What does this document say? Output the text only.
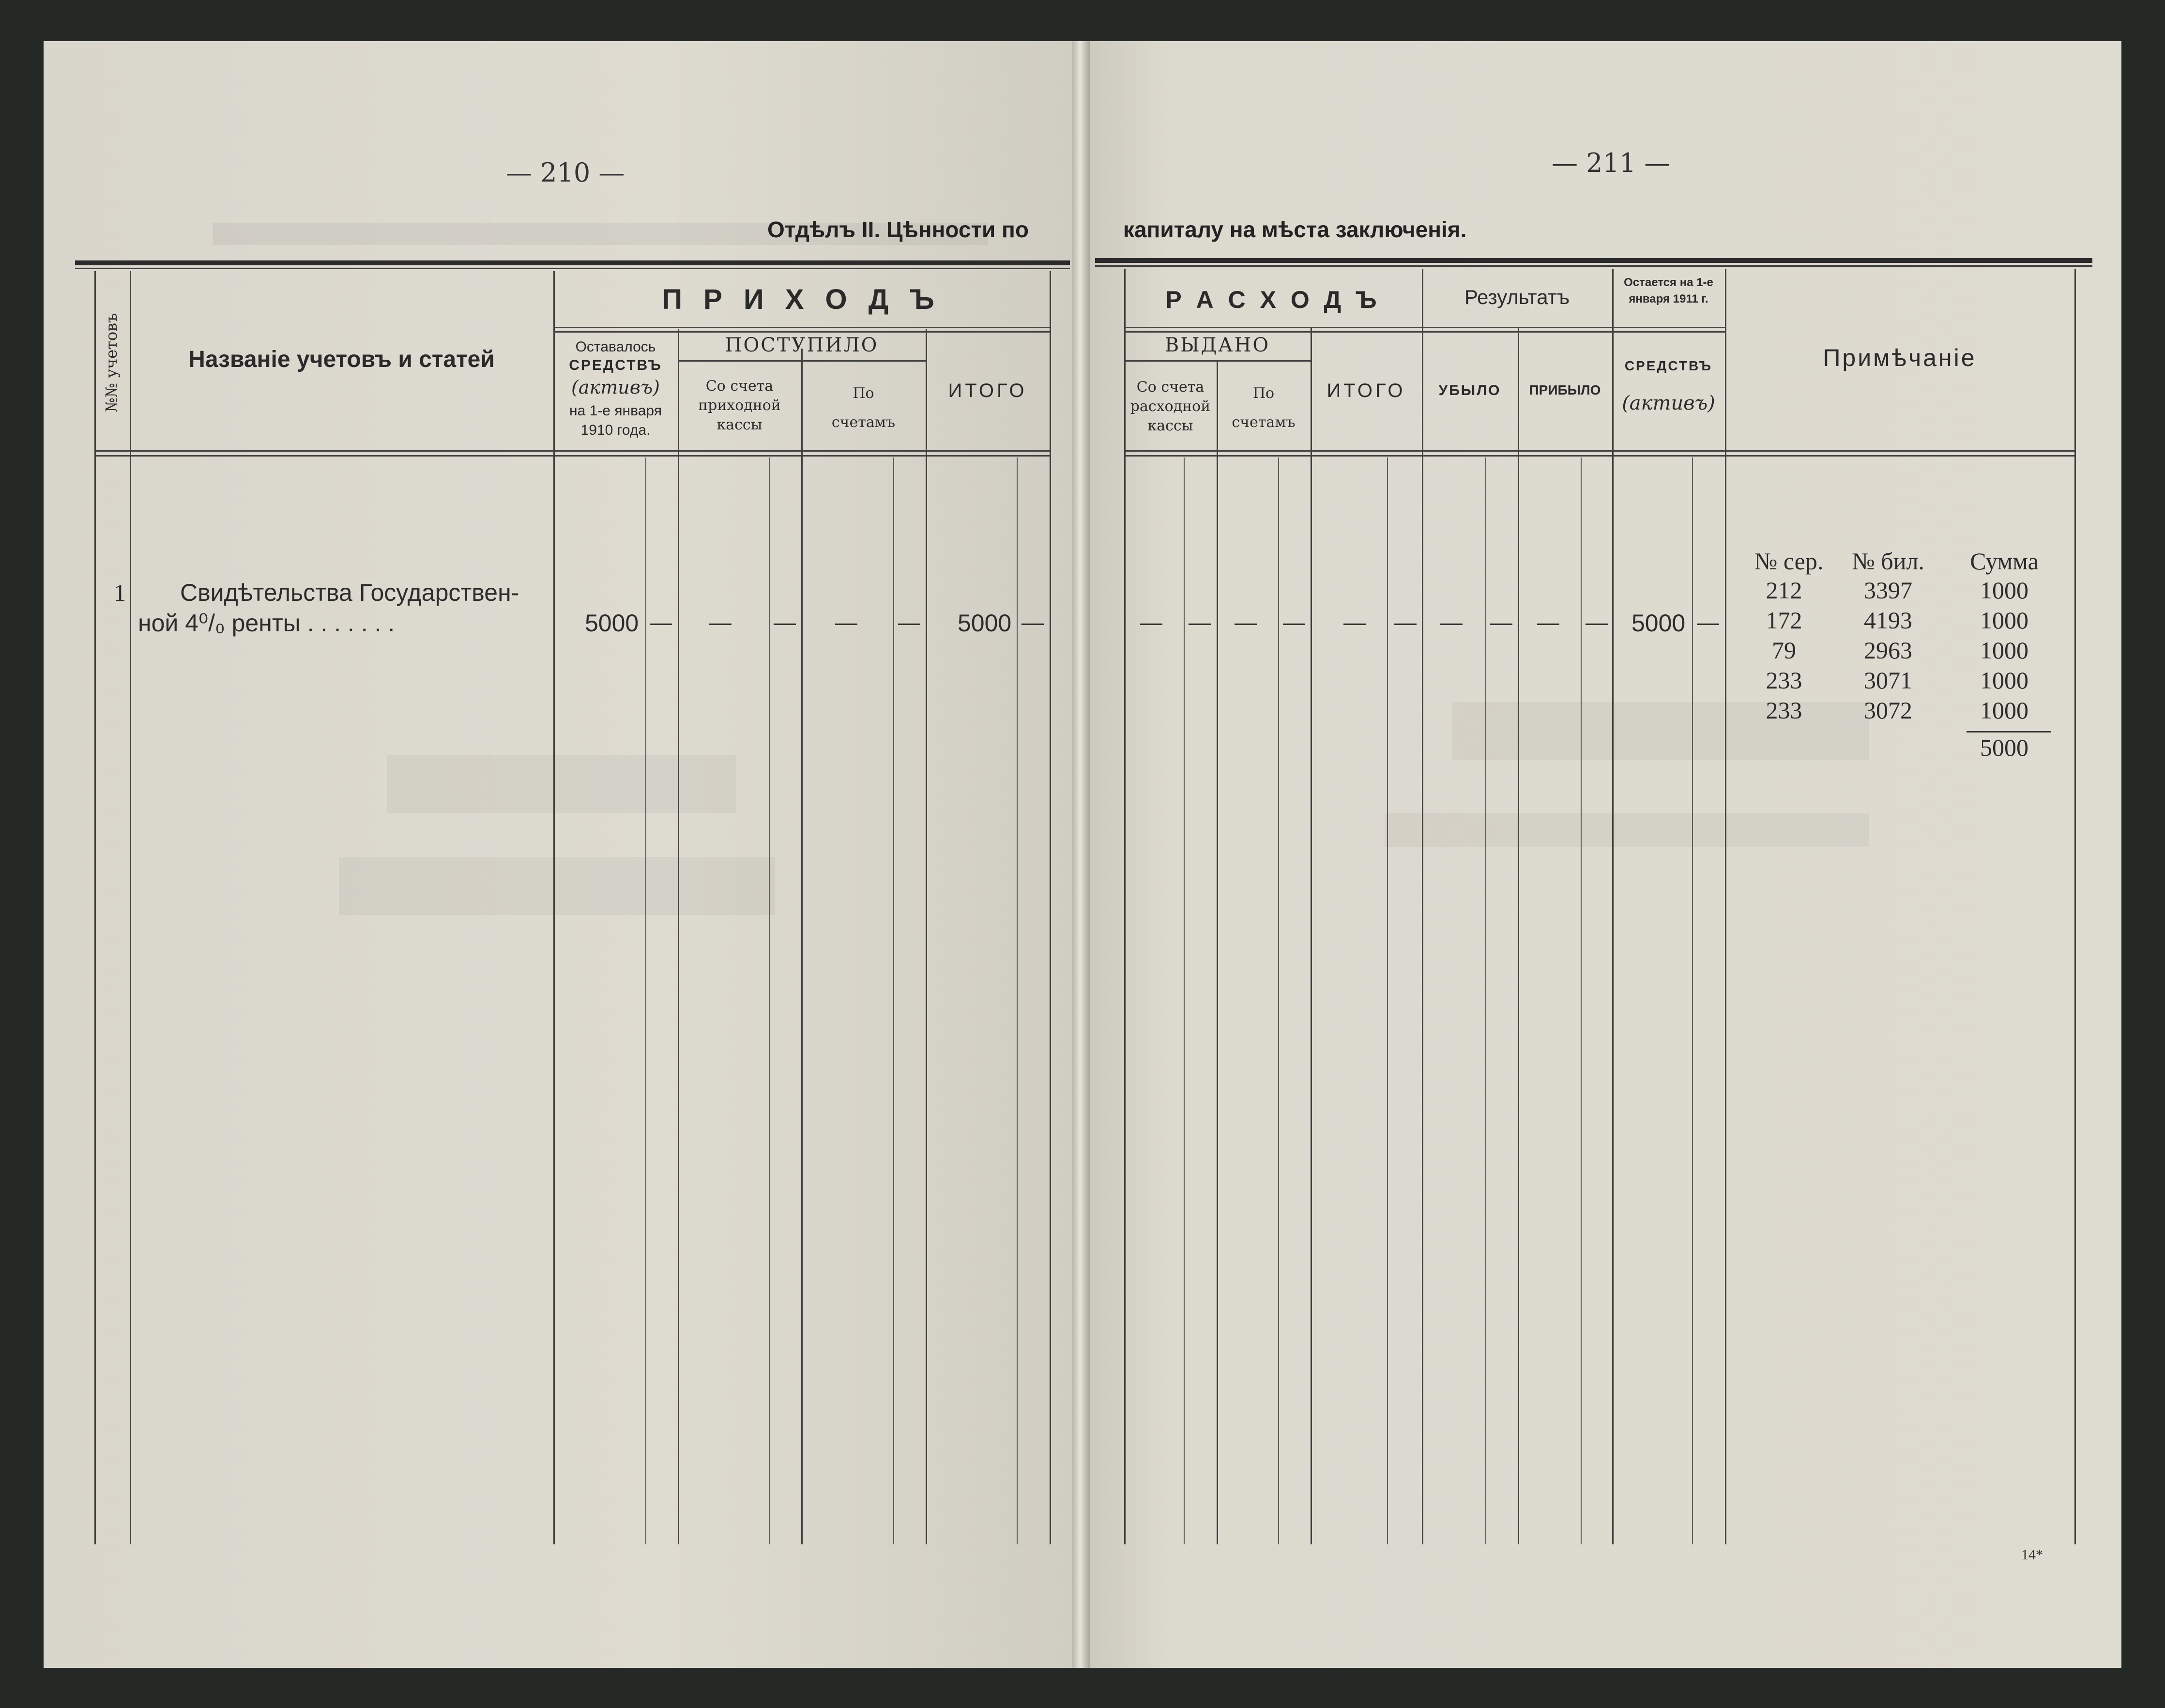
— 210 —	— 211 —
Отдѣлъ II. Цѣнности по	капиталу на мѣста заключенія.
№№ учетовъ	Названіе учетовъ и статей
П Р И Х О Д Ъ
Оставалось
СРЕДСТВЪ
(активъ)
на 1-е января
1910 года.
ПОСТУПИЛО
Со счета
приходной
кассы
По
счетамъ
ИТОГО
1 Свидѣтельства Государствен-
ной 4⁰/₀ ренты . . . . . . .	5000 — — — — — 5000 —
Р А С Х О Д Ъ	Результатъ
Остается на 1-е
января 1911 г.
СРЕДСТВЪ
(активъ)
Примѣчаніе
ВЫДАНО
Со счета
расходной
кассы
По
счетамъ
ИТОГО	УБЫЛО	ПРИБЫЛО
— — — — — — — — — — 5000 —
№ сер.	№ бил.	Сумма
212	3397	1000
172	4193	1000
79	2963	1000
233	3071	1000
233	3072	1000
5000
14*
